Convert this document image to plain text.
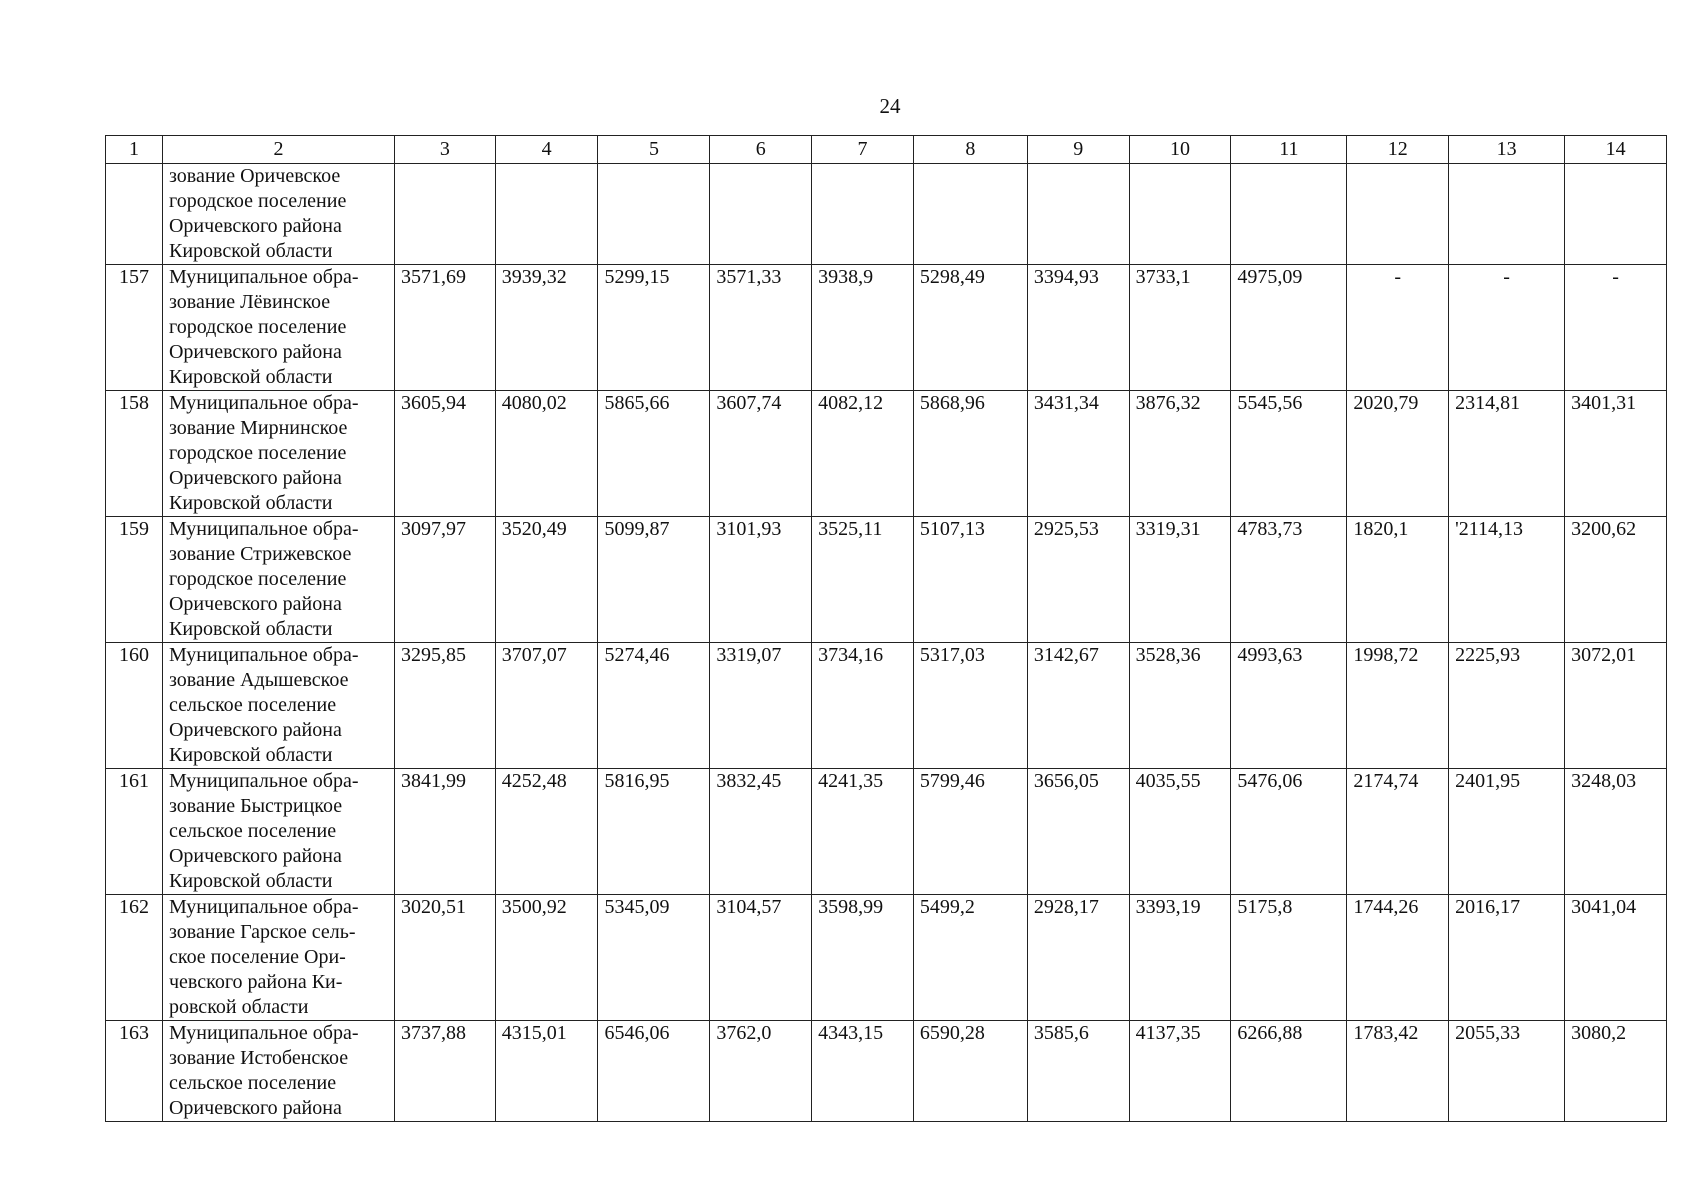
24
1	2	3	4	5	6	7	8	9	10	11	12	13	14

	зование Оричевское
городское поселение
Оричевского района
Кировской области												

157	Муниципальное обра-
зование Лёвинское
городское поселение
Оричевского района
Кировской области	3571,69	3939,32	5299,15	3571,33	3938,9	5298,49	3394,93	3733,1	4975,09	-	-	-
158	Муниципальное обра-
зование Мирнинское
городское поселение
Оричевского района
Кировской области	3605,94	4080,02	5865,66	3607,74	4082,12	5868,96	3431,34	3876,32	5545,56	2020,79	2314,81	3401,31
159	Муниципальное обра-
зование Стрижевское
городское поселение
Оричевского района
Кировской области	3097,97	3520,49	5099,87	3101,93	3525,11	5107,13	2925,53	3319,31	4783,73	1820,1	'2114,13	3200,62
160	Муниципальное обра-
зование Адышевское
сельское поселение
Оричевского района
Кировской области	3295,85	3707,07	5274,46	3319,07	3734,16	5317,03	3142,67	3528,36	4993,63	1998,72	2225,93	3072,01
161	Муниципальное обра-
зование Быстрицкое
сельское поселение
Оричевского района
Кировской области	3841,99	4252,48	5816,95	3832,45	4241,35	5799,46	3656,05	4035,55	5476,06	2174,74	2401,95	3248,03
162	Муниципальное обра-
зование Гарское сель-
ское поселение Ори-
чевского района Ки-
ровской области	3020,51	3500,92	5345,09	3104,57	3598,99	5499,2	2928,17	3393,19	5175,8	1744,26	2016,17	3041,04
163	Муниципальное обра-
зование Истобенское
сельское поселение
Оричевского района	3737,88	4315,01	6546,06	3762,0	4343,15	6590,28	3585,6	4137,35	6266,88	1783,42	2055,33	3080,2
